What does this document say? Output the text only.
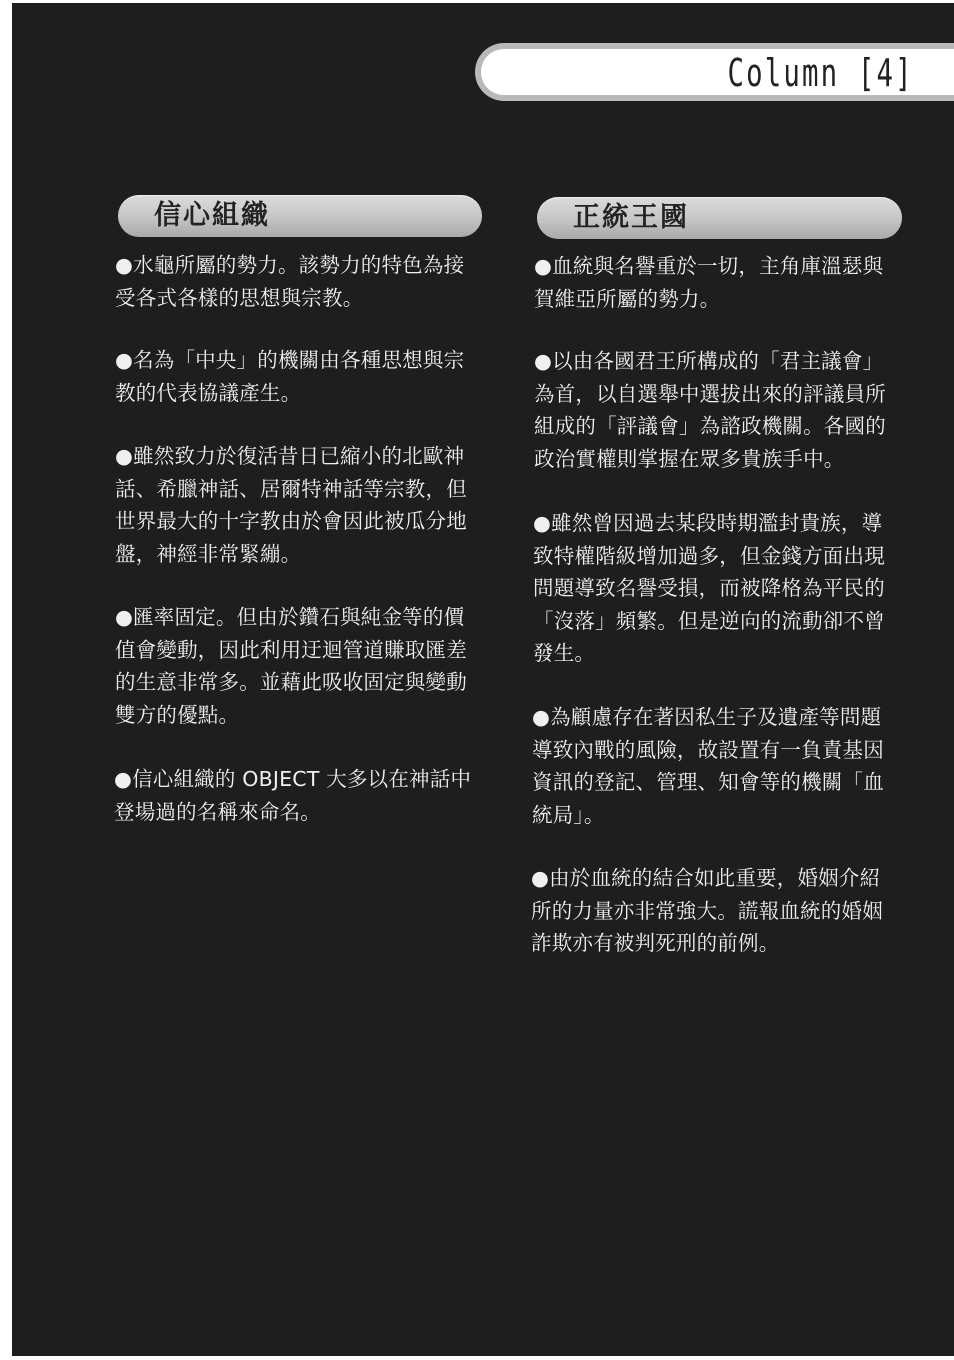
Column [4]
信心組織

●水龜所屬的勢力。該勢力的特色為接
受各式各樣的思想與宗教。

●名為「中央」的機關由各種思想與宗
教的代表協議產生。

●雖然致力於復活昔日已縮小的北歐神
話、希臘神話、居爾特神話等宗教，但
世界最大的十字教由於會因此被瓜分地
盤，神經非常緊繃。

●匯率固定。但由於鑽石與純金等的價
值會變動，因此利用迂迴管道賺取匯差
的生意非常多。並藉此吸收固定與變動
雙方的優點。

●信心組織的 OBJECT 大多以在神話中
登場過的名稱來命名。

正統王國

●血統與名譽重於一切，主角庫溫瑟與
賀維亞所屬的勢力。

●以由各國君王所構成的「君主議會」
為首，以自選舉中選拔出來的評議員所
組成的「評議會」為諮政機關。各國的
政治實權則掌握在眾多貴族手中。

●雖然曾因過去某段時期濫封貴族，導
致特權階級增加過多，但金錢方面出現
問題導致名譽受損，而被降格為平民的
「沒落」頻繁。但是逆向的流動卻不曾
發生。

●為顧慮存在著因私生子及遺產等問題
導致內戰的風險，故設置有一負責基因
資訊的登記、管理、知會等的機關「血
統局」。

●由於血統的結合如此重要，婚姻介紹
所的力量亦非常強大。謊報血統的婚姻
詐欺亦有被判死刑的前例。
